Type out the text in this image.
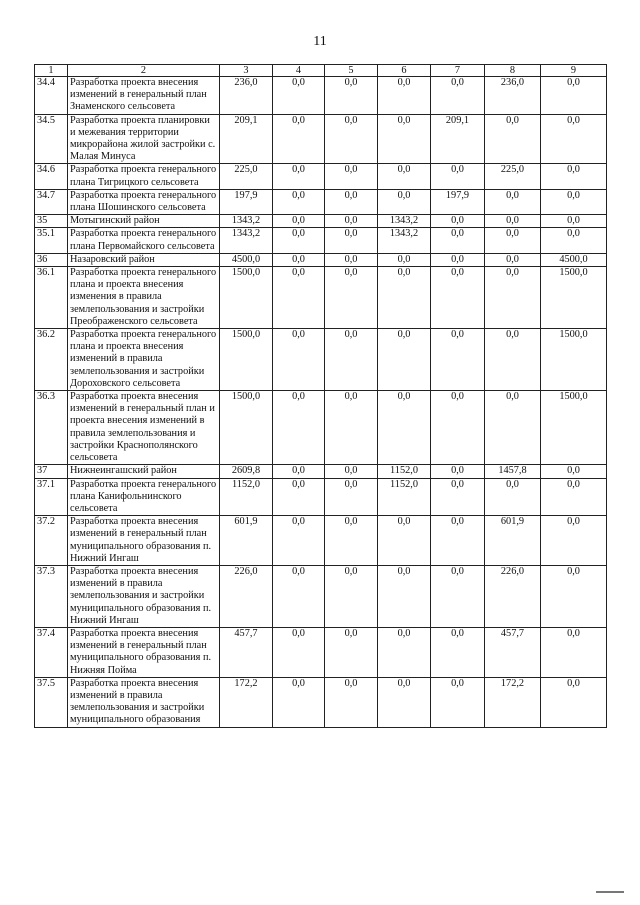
11
1	2	3	4	5	6	7	8	9
34.4	Разработка проекта внесения изменений в генеральный план Знаменского сельсовета	236,0	0,0	0,0	0,0	0,0	236,0	0,0
34.5	Разработка проекта планировки и межевания территории микрорайона жилой застройки с. Малая Минуса	209,1	0,0	0,0	0,0	209,1	0,0	0,0
34.6	Разработка проекта генерального плана Тигрицкого сельсовета	225,0	0,0	0,0	0,0	0,0	225,0	0,0
34.7	Разработка проекта генерального плана Шошинского сельсовета	197,9	0,0	0,0	0,0	197,9	0,0	0,0
35	Мотыгинский район	1343,2	0,0	0,0	1343,2	0,0	0,0	0,0
35.1	Разработка проекта генерального плана Первомайского сельсовета	1343,2	0,0	0,0	1343,2	0,0	0,0	0,0
36	Назаровский район	4500,0	0,0	0,0	0,0	0,0	0,0	4500,0
36.1	Разработка проекта генерального плана и проекта внесения изменения в правила землепользования и застройки Преображенского сельсовета	1500,0	0,0	0,0	0,0	0,0	0,0	1500,0
36.2	Разработка проекта генерального плана и проекта внесения изменений в правила землепользования и застройки Дороховского сельсовета	1500,0	0,0	0,0	0,0	0,0	0,0	1500,0
36.3	Разработка проекта внесения изменений в генеральный план и проекта внесения изменений в правила землепользования и застройки Краснополянского сельсовета	1500,0	0,0	0,0	0,0	0,0	0,0	1500,0
37	Нижнеингашский район	2609,8	0,0	0,0	1152,0	0,0	1457,8	0,0
37.1	Разработка проекта генерального плана Канифольнинского сельсовета	1152,0	0,0	0,0	1152,0	0,0	0,0	0,0
37.2	Разработка проекта внесения изменений в генеральный план муниципального образования п. Нижний Ингаш	601,9	0,0	0,0	0,0	0,0	601,9	0,0
37.3	Разработка проекта внесения изменений в правила землепользования и застройки муниципального образования п. Нижний Ингаш	226,0	0,0	0,0	0,0	0,0	226,0	0,0
37.4	Разработка проекта внесения изменений в генеральный план муниципального образования п. Нижняя Пойма	457,7	0,0	0,0	0,0	0,0	457,7	0,0
37.5	Разработка проекта внесения изменений в правила землепользования и застройки муниципального образования	172,2	0,0	0,0	0,0	0,0	172,2	0,0
